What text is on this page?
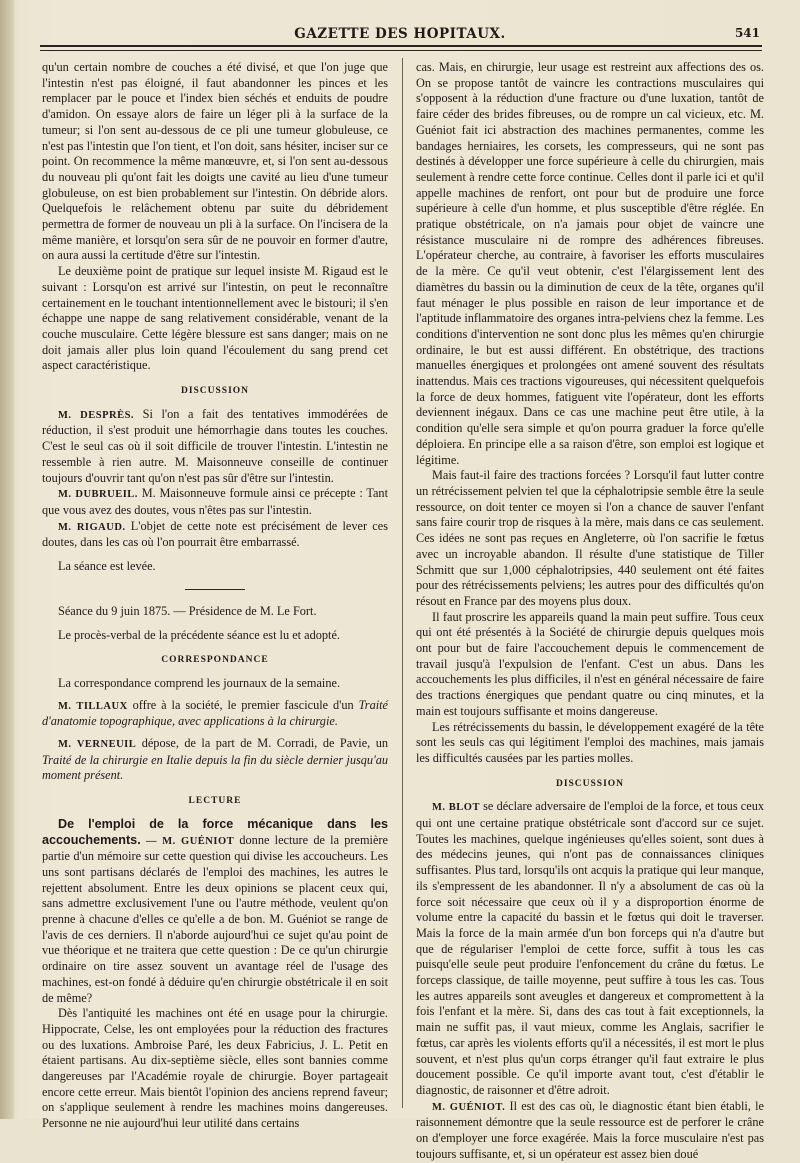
GAZETTE DES HOPITAUX.	541

qu'un certain nombre de couches a été divisé, et que l'on juge que l'intestin n'est pas éloigné, il faut abandonner les pinces et les remplacer par le pouce et l'index bien séchés et enduits de poudre d'amidon. On essaye alors de faire un léger pli à la surface de la tumeur; si l'on sent au-dessous de ce pli une tumeur globuleuse, ce n'est pas l'intestin que l'on tient, et l'on doit, sans hésiter, inciser sur ce point. On recommence la même manœuvre, et, si l'on sent au-dessous du nouveau pli qu'ont fait les doigts une cavité au lieu d'une tumeur globuleuse, on est bien probablement sur l'intestin. On débride alors. Quelquefois le relâchement obtenu par suite du débridement permettra de former de nouveau un pli à la surface. On l'incisera de la même manière, et lorsqu'on sera sûr de ne pouvoir en former d'autre, on aura aussi la certitude d'être sur l'intestin.

Le deuxième point de pratique sur lequel insiste M. Rigaud est le suivant : Lorsqu'on est arrivé sur l'intestin, on peut le reconnaître certainement en le touchant intentionnellement avec le bistouri; il s'en échappe une nappe de sang relativement considérable, venant de la couche musculaire. Cette légère blessure est sans danger; mais on ne doit jamais aller plus loin quand l'écoulement du sang prend cet aspect caractéristique.

DISCUSSION

M. DESPRÈS. Si l'on a fait des tentatives immodérées de réduction, il s'est produit une hémorrhagie dans toutes les couches. C'est le seul cas où il soit difficile de trouver l'intestin. L'intestin ne ressemble à rien autre. M. Maisonneuve conseille de continuer toujours d'ouvrir tant qu'on n'est pas sûr d'être sur l'intestin.

M. DUBRUEIL. M. Maisonneuve formule ainsi ce précepte : Tant que vous avez des doutes, vous n'êtes pas sur l'intestin.

M. RIGAUD. L'objet de cette note est précisément de lever ces doutes, dans les cas où l'on pourrait être embarrassé.

La séance est levée.

Séance du 9 juin 1875. — Présidence de M. Le Fort.

Le procès-verbal de la précédente séance est lu et adopté.

CORRESPONDANCE

La correspondance comprend les journaux de la semaine.

M. TILLAUX offre à la société, le premier fascicule d'un Traité d'anatomie topographique, avec applications à la chirurgie.

M. VERNEUIL dépose, de la part de M. Corradi, de Pavie, un Traité de la chirurgie en Italie depuis la fin du siècle dernier jusqu'au moment présent.

LECTURE

De l'emploi de la force mécanique dans les accouchements. — M. GUÉNIOT donne lecture de la première partie d'un mémoire sur cette question qui divise les accoucheurs. Les uns sont partisans déclarés de l'emploi des machines, les autres le rejettent absolument. Entre les deux opinions se placent ceux qui, sans admettre exclusivement l'une ou l'autre méthode, veulent qu'on prenne à chacune d'elles ce qu'elle a de bon. M. Guéniot se range de l'avis de ces derniers. Il n'aborde aujourd'hui ce sujet qu'au point de vue théorique et ne traitera que cette question : De ce qu'un chirurgie ordinaire on tire assez souvent un avantage réel de l'usage des machines, est-on fondé à déduire qu'en chirurgie obstétricale il en soit de même?

Dès l'antiquité les machines ont été en usage pour la chirurgie. Hippocrate, Celse, les ont employées pour la réduction des fractures ou des luxations. Ambroise Paré, les deux Fabricius, J. L. Petit en étaient partisans. Au dix-septième siècle, elles sont bannies comme dangereuses par l'Académie royale de chirurgie. Boyer partageait encore cette erreur. Mais bientôt l'opinion des anciens reprend faveur; on s'applique seulement à rendre les machines moins dangereuses. Personne ne nie aujourd'hui leur utilité dans certains

cas. Mais, en chirurgie, leur usage est restreint aux affections des os. On se propose tantôt de vaincre les contractions musculaires qui s'opposent à la réduction d'une fracture ou d'une luxation, tantôt de faire céder des brides fibreuses, ou de rompre un cal vicieux, etc. M. Guéniot fait ici abstraction des machines permanentes, comme les bandages herniaires, les corsets, les compresseurs, qui ne sont pas destinés à développer une force supérieure à celle du chirurgien, mais seulement à rendre cette force continue. Celles dont il parle ici et qu'il appelle machines de renfort, ont pour but de produire une force supérieure à celle d'un homme, et plus susceptible d'être réglée. En pratique obstétricale, on n'a jamais pour objet de vaincre une résistance musculaire ni de rompre des adhérences fibreuses. L'opérateur cherche, au contraire, à favoriser les efforts musculaires de la mère. Ce qu'il veut obtenir, c'est l'élargissement lent des diamètres du bassin ou la diminution de ceux de la tête, organes qu'il faut ménager le plus possible en raison de leur importance et de l'aptitude inflammatoire des organes intra-pelviens chez la femme. Les conditions d'intervention ne sont donc plus les mêmes qu'en chirurgie ordinaire, le but est aussi différent. En obstétrique, des tractions manuelles énergiques et prolongées ont amené souvent des résultats inattendus. Mais ces tractions vigoureuses, qui nécessitent quelquefois la force de deux hommes, fatiguent vite l'opérateur, dont les efforts deviennent inégaux. Dans ce cas une machine peut être utile, à la condition qu'elle sera simple et qu'on pourra graduer la force qu'elle déploiera. En principe elle a sa raison d'être, son emploi est logique et légitime.

Mais faut-il faire des tractions forcées ? Lorsqu'il faut lutter contre un rétrécissement pelvien tel que la céphalotripsie semble être la seule ressource, on doit tenter ce moyen si l'on a chance de sauver l'enfant sans faire courir trop de risques à la mère, mais dans ce cas seulement. Ces idées ne sont pas reçues en Angleterre, où l'on sacrifie le fœtus avec un incroyable abandon. Il résulte d'une statistique de Tiller Schmitt que sur 1,000 céphalotripsies, 440 seulement ont été faites pour des rétrécissements pelviens; les autres pour des difficultés qu'on résout en France par des moyens plus doux.

Il faut proscrire les appareils quand la main peut suffire. Tous ceux qui ont été présentés à la Société de chirurgie depuis quelques mois ont pour but de faire l'accouchement depuis le commencement de travail jusqu'à l'expulsion de l'enfant. C'est un abus. Dans les accouchements les plus difficiles, il n'est en général nécessaire de faire des tractions énergiques que pendant quatre ou cinq minutes, et la main est toujours suffisante et moins dangereuse.

Les rétrécissements du bassin, le développement exagéré de la tête sont les seuls cas qui légitiment l'emploi des machines, mais jamais les difficultés causées par les parties molles.

DISCUSSION

M. BLOT se déclare adversaire de l'emploi de la force, et tous ceux qui ont une certaine pratique obstétricale sont d'accord sur ce sujet. Toutes les machines, quelque ingénieuses qu'elles soient, sont dues à des médecins jeunes, qui n'ont pas de connaissances cliniques suffisantes. Plus tard, lorsqu'ils ont acquis la pratique qui leur manque, ils s'empressent de les abandonner. Il n'y a absolument de cas où la force soit nécessaire que ceux où il y a disproportion énorme de volume entre la capacité du bassin et le fœtus qui doit le traverser. Mais la force de la main armée d'un bon forceps qui n'a d'autre but que de régulariser l'emploi de cette force, suffit à tous les cas puisqu'elle seule peut produire l'enfoncement du crâne du fœtus. Le forceps classique, de taille moyenne, peut suffire à tous les cas. Tous les autres appareils sont aveugles et dangereux et compromettent à la fois l'enfant et la mère. Si, dans des cas tout à fait exceptionnels, la main ne suffit pas, il vaut mieux, comme les Anglais, sacrifier le fœtus, car après les violents efforts qu'il a nécessités, il est mort le plus souvent, et n'est plus qu'un corps étranger qu'il faut extraire le plus doucement possible. Ce qu'il importe avant tout, c'est d'établir le diagnostic, de raisonner et d'être adroit.

M. GUÉNIOT. Il est des cas où, le diagnostic étant bien établi, le raisonnement démontre que la seule ressource est de perforer le crâne on d'employer une force exagérée. Mais la force musculaire n'est pas toujours suffisante, et, si un opérateur est assez bien doué
